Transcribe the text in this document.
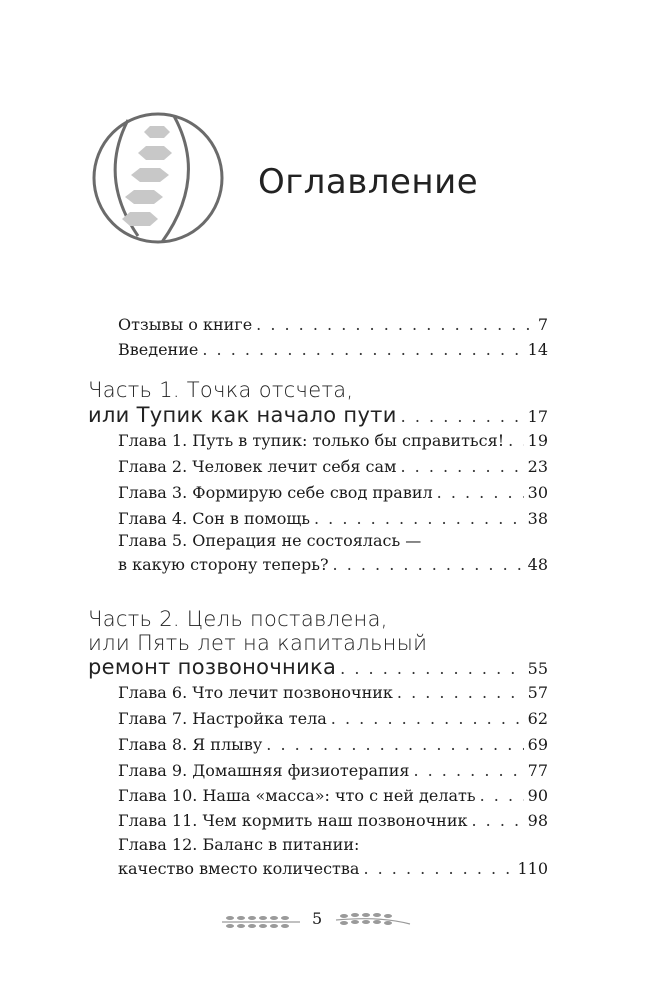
Оглавление
Отзывы о книге . . .	7
Введение . . .	14
Часть 1. Точка отсчета,
или Тупик как начало пути . . .	17
Глава 1. Путь в тупик: только бы справиться! . . . 19
Глава 2. Человек лечит себя сам . . .	23
Глава 3. Формирую себе свод правил . . .	30
Глава 4. Сон в помощь . . .	38
Глава 5. Операция не состоялась —
в какую сторону теперь? . . .	48
Часть 2. Цель поставлена,
или Пять лет на капитальный
ремонт позвоночника . . .	55
Глава 6. Что лечит позвоночник . . .	57
Глава 7. Настройка тела . . .	62
Глава 8. Я плыву . . .	69
Глава 9. Домашняя физиотерапия . . .	77
Глава 10. Наша «масса»: что с ней делать . . .	90
Глава 11. Чем кормить наш позвоночник . . .	98
Глава 12. Баланс в питании:
качество вместо количества . . .	110
5
